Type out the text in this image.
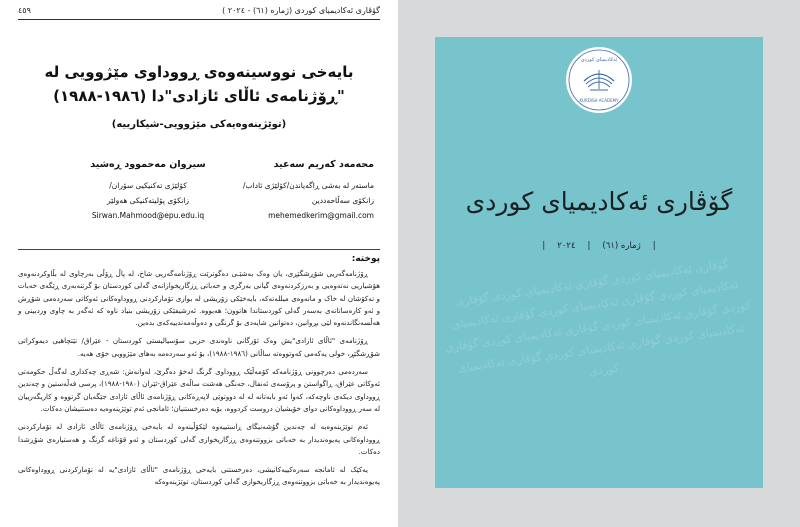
٤٥٩	گۆڤاری ئەکادیمیای کوردی (ژمارە (٦١) - ٢٠٢٤ )
بایەخی نووسینەوەی ڕووداوی مێژوویی لە
"ڕۆژنامەی ئاڵای ئازادی"دا (١٩٨٦-١٩٨٨)
(توێژینەوەیەکی مێژوویی-شیکارییە)
محەمەد کەریم سەعید
ماستەر لە بەشی ڕاگەیاندن/کۆلێژی ئاداب/
زانکۆی سەڵاحەددین
mehemedkerim@gmail.com
سیروان مەحموود ڕەشید
کۆلێژی تەکنیکیی سۆران/
زانکۆی پۆلیتەکنیکی هەولێر
Sirwan.Mahmood@epu.edu.iq
پوختە:

ڕۆژنامەگەریی شۆڕشگێڕی، یان وەک بەشێـی دەگوترێت ڕۆژنامەگەریی شاخ، لە پاڵ ڕۆڵی بەرچاوی لە بڵاوکردنەوەی هۆشیاریی نەتەوەیی و بەرزکردنەوەی گیانی بەرگری و خەباتی ڕزگاریخوازانەی گەلی کوردستان بۆ گرتنەبەری ڕێگەی خەبات و تەکۆشان لە خاک و مانەوەی میللەتەکە، بایەخێکی زۆریشی لە بواری تۆمارکردنی ڕووداوەکانی ئەوکاتی سەردەمی شۆڕش و ئەو کارەساتانەی بەسەر گەلی کوردستاندا هاتوون؛ هەبووە. ئەرشیفێکی زۆریشی بنیاد ناوە کە ئەگەر بە چاوی وردبینی و هەڵسەنگاندنەوە لێی بڕوانین، دەتوانین شایەدی بۆ گرنگی و دەوڵەمەندییەکەی بدەین.

ڕۆژنامەی "ئاڵای ئازادی"یش وەک ئۆرگانی ناوەندی حزبی سۆسیالیستی کوردستان - عێراق/ تێتچاهیی دیموکراتی شۆڕشگێڕ، خولی یەکەمی کەوتووەتە ساڵانی (١٩٨٦-١٩٨٨)، بۆ ئەو سەردەمە بەهای مێژوویی خۆی هەیە.

سەردەمی دەرچوونی ڕۆژنامەکە کۆمەڵێک ڕووداوی گرنگ لەخۆ دەگرێ، لەوانەش: شەڕی چەکداری لەگەڵ حکومەتی ئەوکاتی عێراق، ڕاگواستن و پرۆسەی ئەنفال، جەنگی هەشت ساڵەی عێراق-ئێران (١٩٨٠-١٩٨٨)، پرسی فەڵەستین و چەندین ڕووداوی دیکەی ناوچەکە، کەوا ئەو بابەتانە لە لە دووتوێی لاپەڕەکانی ڕۆژنامەی ئاڵای ئازادی جێگەیان گرتووە و کاریگەرییان لە سەر ڕووداوەکانی دوای خۆیشیان دروست کردووە، بۆیە دەرخستنیان؛ ئامانجی ئەم توێژینەوەیە دەستنیشان دەکات.

ئەم توێژینەوەیە لە چەندین گۆشەنیگای ڕاستییەوە لێکۆڵینەوە لە بایەخی ڕۆژنامەی ئاڵای ئازادی لە تۆمارکردنی ڕووداوەکانی پەیوەندیدار بە خەباتی بزووتنەوەی ڕزگاریخوازی گەلی کوردستان و ئەو قۆناغە گرنگ و هەستیارەی شۆڕشدا دەکات.

یەکێک لە ئامانجە سەرەکییەکانیشی، دەرخستنی بایەخی ڕۆژنامەی "ئاڵای ئازادی"یە لە تۆمارکردنی ڕووداوەکانی پەیوەندیدار بە خەباتی بزووتنەوەی ڕزگاریخوازی گەلی کوردستان، توێژینەوەکە

گۆڤاری ئەکادیمیای کوردی گۆڤاری ئەکادیمیای کوردی گۆڤاری ئەکادیمیای کوردی گۆڤاری ئەکادیمیای کوردی گۆڤاری ئەکادیمیای کوردی گۆڤاری ئەکادیمیای کوردی گۆڤاری ئەکادیمیای کوردی گۆڤاری ئەکادیمیای کوردی گۆڤاری ئەکادیمیای کوردی گۆڤاری ئەکادیمیای کوردی
ئەکادیمیای کوردی
KURDISH ACADEMY
گۆڤاری ئەکادیمیای کوردی
|ژمارە (٦١)|٢٠٢٤|
